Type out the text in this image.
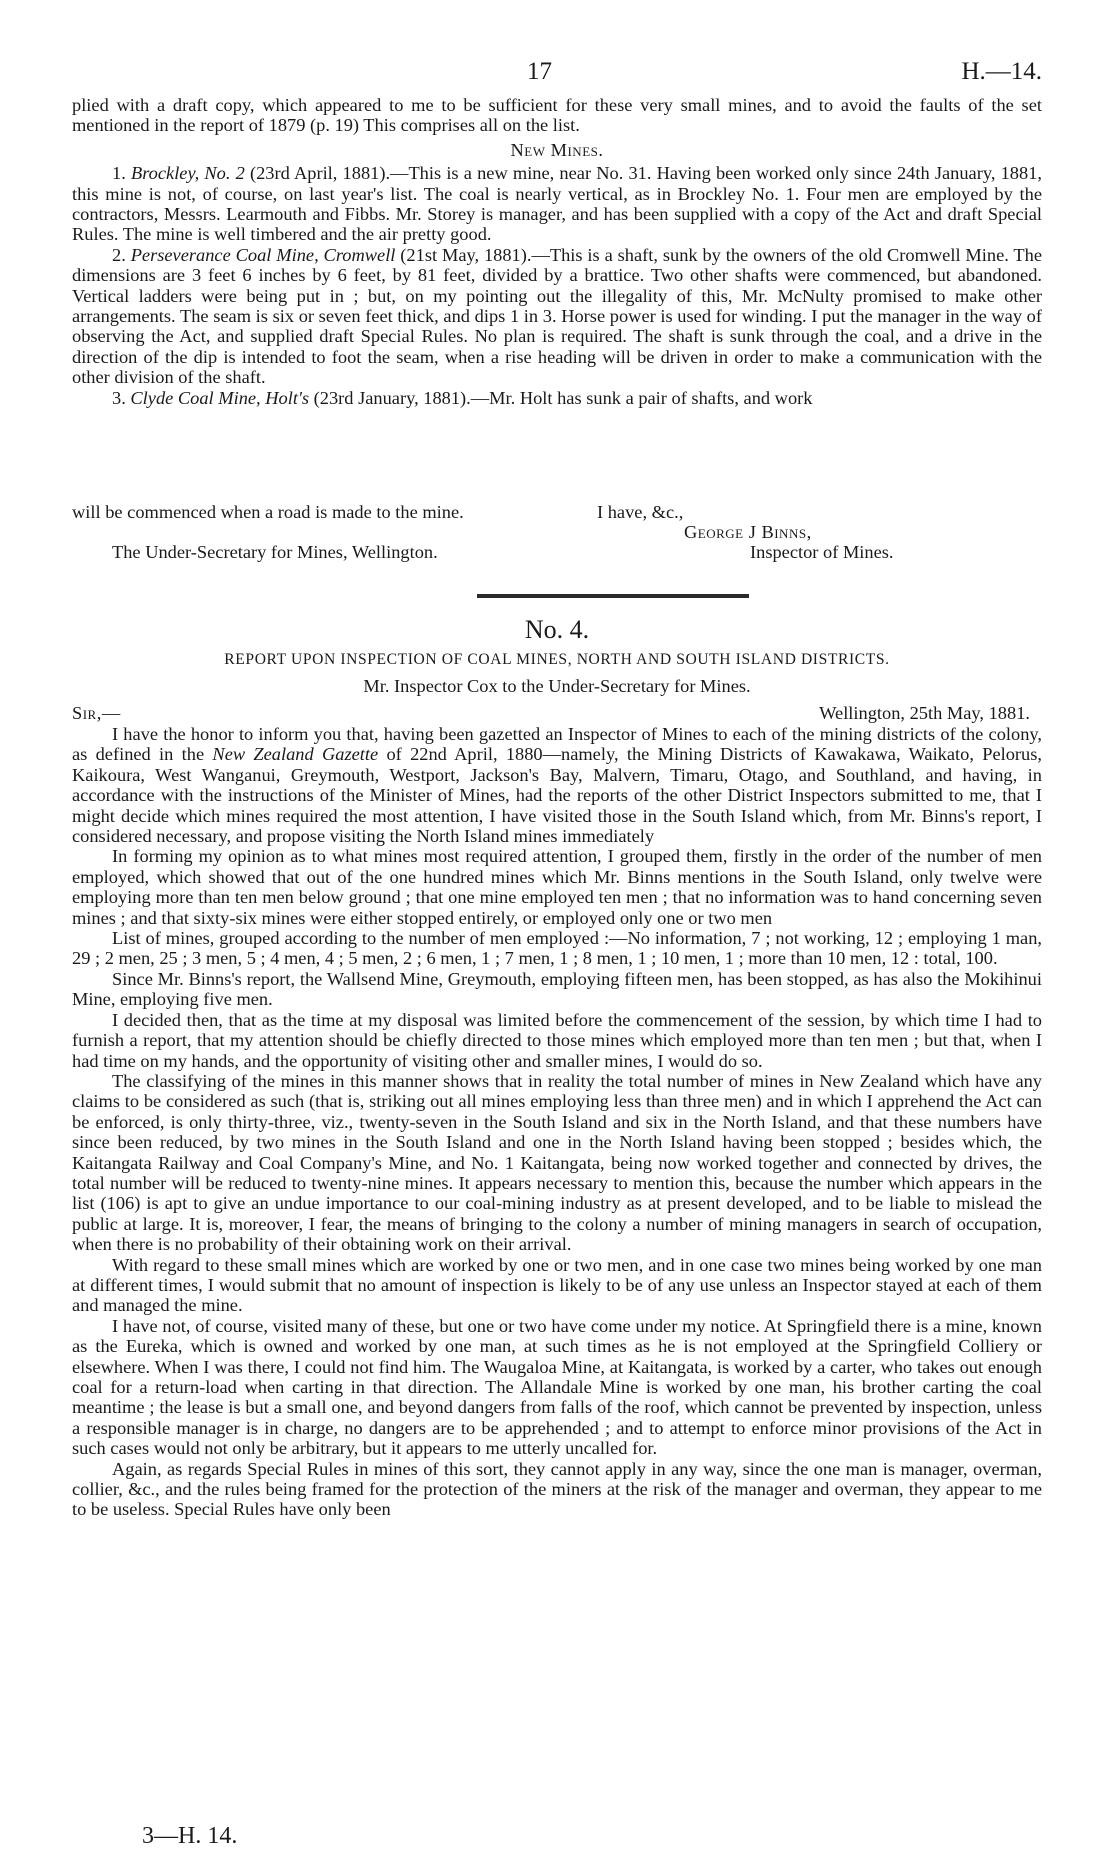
17	H.—14.

plied with a draft copy, which appeared to me to be sufficient for these very small mines, and to avoid the faults of the set mentioned in the report of 1879 (p. 19) This comprises all on the list.

New Mines.

1. Brockley, No. 2 (23rd April, 1881).—This is a new mine, near No. 31. Having been worked only since 24th January, 1881, this mine is not, of course, on last year's list. The coal is nearly vertical, as in Brockley No. 1. Four men are employed by the contractors, Messrs. Learmouth and Fibbs. Mr. Storey is manager, and has been supplied with a copy of the Act and draft Special Rules. The mine is well timbered and the air pretty good.

2. Perseverance Coal Mine, Cromwell (21st May, 1881).—This is a shaft, sunk by the owners of the old Cromwell Mine. The dimensions are 3 feet 6 inches by 6 feet, by 81 feet, divided by a brattice. Two other shafts were commenced, but abandoned. Vertical ladders were being put in ; but, on my pointing out the illegality of this, Mr. McNulty promised to make other arrangements. The seam is six or seven feet thick, and dips 1 in 3. Horse power is used for winding. I put the manager in the way of observing the Act, and supplied draft Special Rules. No plan is required. The shaft is sunk through the coal, and a drive in the direction of the dip is intended to foot the seam, when a rise heading will be driven in order to make a communication with the other division of the shaft.

3. Clyde Coal Mine, Holt's (23rd January, 1881).—Mr. Holt has sunk a pair of shafts, and work

will be commenced when a road is made to the mine.	I have, &c.,
George J Binns,
The Under-Secretary for Mines, Wellington.	Inspector of Mines.
No. 4.
REPORT UPON INSPECTION OF COAL MINES, NORTH AND SOUTH ISLAND DISTRICTS.
Mr. Inspector Cox to the Under-Secretary for Mines.
Sir,—	Wellington, 25th May, 1881.

I have the honor to inform you that, having been gazetted an Inspector of Mines to each of the mining districts of the colony, as defined in the New Zealand Gazette of 22nd April, 1880—namely, the Mining Districts of Kawakawa, Waikato, Pelorus, Kaikoura, West Wanganui, Greymouth, Westport, Jackson's Bay, Malvern, Timaru, Otago, and Southland, and having, in accordance with the instructions of the Minister of Mines, had the reports of the other District Inspectors submitted to me, that I might decide which mines required the most attention, I have visited those in the South Island which, from Mr. Binns's report, I considered necessary, and propose visiting the North Island mines immediately

In forming my opinion as to what mines most required attention, I grouped them, firstly in the order of the number of men employed, which showed that out of the one hundred mines which Mr. Binns mentions in the South Island, only twelve were employing more than ten men below ground ; that one mine employed ten men ; that no information was to hand concerning seven mines ; and that sixty-six mines were either stopped entirely, or employed only one or two men

List of mines, grouped according to the number of men employed :—No information, 7 ; not working, 12 ; employing 1 man, 29 ; 2 men, 25 ; 3 men, 5 ; 4 men, 4 ; 5 men, 2 ; 6 men, 1 ; 7 men, 1 ; 8 men, 1 ; 10 men, 1 ; more than 10 men, 12 : total, 100.

Since Mr. Binns's report, the Wallsend Mine, Greymouth, employing fifteen men, has been stopped, as has also the Mokihinui Mine, employing five men.

I decided then, that as the time at my disposal was limited before the commencement of the session, by which time I had to furnish a report, that my attention should be chiefly directed to those mines which employed more than ten men ; but that, when I had time on my hands, and the opportunity of visiting other and smaller mines, I would do so.

The classifying of the mines in this manner shows that in reality the total number of mines in New Zealand which have any claims to be considered as such (that is, striking out all mines employing less than three men) and in which I apprehend the Act can be enforced, is only thirty-three, viz., twenty-seven in the South Island and six in the North Island, and that these numbers have since been reduced, by two mines in the South Island and one in the North Island having been stopped ; besides which, the Kaitangata Railway and Coal Company's Mine, and No. 1 Kaitangata, being now worked together and connected by drives, the total number will be reduced to twenty-nine mines. It appears necessary to mention this, because the number which appears in the list (106) is apt to give an undue importance to our coal-mining industry as at present developed, and to be liable to mislead the public at large. It is, moreover, I fear, the means of bringing to the colony a number of mining managers in search of occupation, when there is no probability of their obtaining work on their arrival.

With regard to these small mines which are worked by one or two men, and in one case two mines being worked by one man at different times, I would submit that no amount of inspection is likely to be of any use unless an Inspector stayed at each of them and managed the mine.

I have not, of course, visited many of these, but one or two have come under my notice. At Springfield there is a mine, known as the Eureka, which is owned and worked by one man, at such times as he is not employed at the Springfield Colliery or elsewhere. When I was there, I could not find him. The Waugaloa Mine, at Kaitangata, is worked by a carter, who takes out enough coal for a return-load when carting in that direction. The Allandale Mine is worked by one man, his brother carting the coal meantime ; the lease is but a small one, and beyond dangers from falls of the roof, which cannot be prevented by inspection, unless a responsible manager is in charge, no dangers are to be apprehended ; and to attempt to enforce minor provisions of the Act in such cases would not only be arbitrary, but it appears to me utterly uncalled for.

Again, as regards Special Rules in mines of this sort, they cannot apply in any way, since the one man is manager, overman, collier, &c., and the rules being framed for the protection of the miners at the risk of the manager and overman, they appear to me to be useless. Special Rules have only been

3—H. 14.
